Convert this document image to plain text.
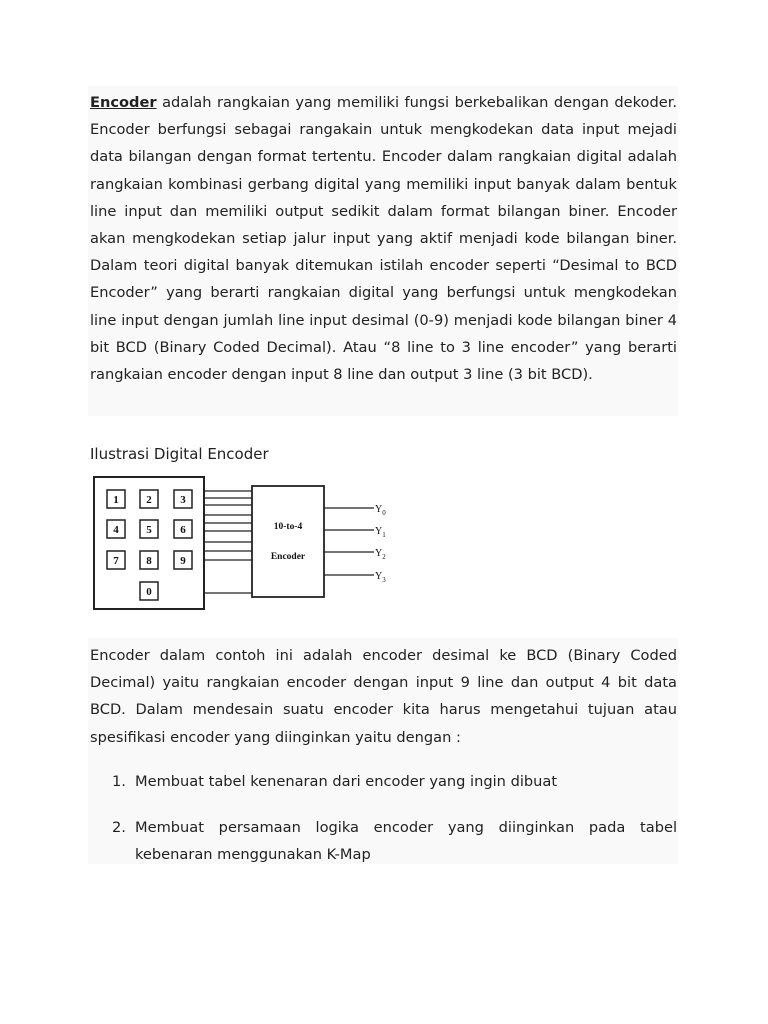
Encoder adalah rangkaian yang memiliki fungsi berkebalikan dengan dekoder. Encoder berfungsi sebagai rangakain untuk mengkodekan data input mejadi data bilangan dengan format tertentu. Encoder dalam rangkaian digital adalah rangkaian kombinasi gerbang digital yang memiliki input banyak dalam bentuk line input dan memiliki output sedikit dalam format bilangan biner. Encoder akan mengkodekan setiap jalur input yang aktif menjadi kode bilangan biner. Dalam teori digital banyak ditemukan istilah encoder seperti “Desimal to BCD Encoder” yang berarti rangkaian digital yang berfungsi untuk mengkodekan line input dengan jumlah line input desimal (0-9) menjadi kode bilangan biner 4 bit BCD (Binary Coded Decimal). Atau “8 line to 3 line encoder” yang berarti rangkaian encoder dengan input 8 line dan output 3 line (3 bit BCD).

Ilustrasi Digital Encoder
1	2	3
4	5	6
7	8	9
0
10-to-4
Encoder
$Y_0$
$Y_1$
$Y_2$
$Y_3$

Encoder dalam contoh ini adalah encoder desimal ke BCD (Binary Coded Decimal) yaitu rangkaian encoder dengan input 9 line dan output 4 bit data BCD. Dalam mendesain suatu encoder kita harus mengetahui tujuan atau spesifikasi encoder yang diinginkan yaitu dengan :

1. Membuat tabel kenenaran dari encoder yang ingin dibuat
2. Membuat persamaan logika encoder yang diinginkan pada tabel kebenaran menggunakan K-Map
